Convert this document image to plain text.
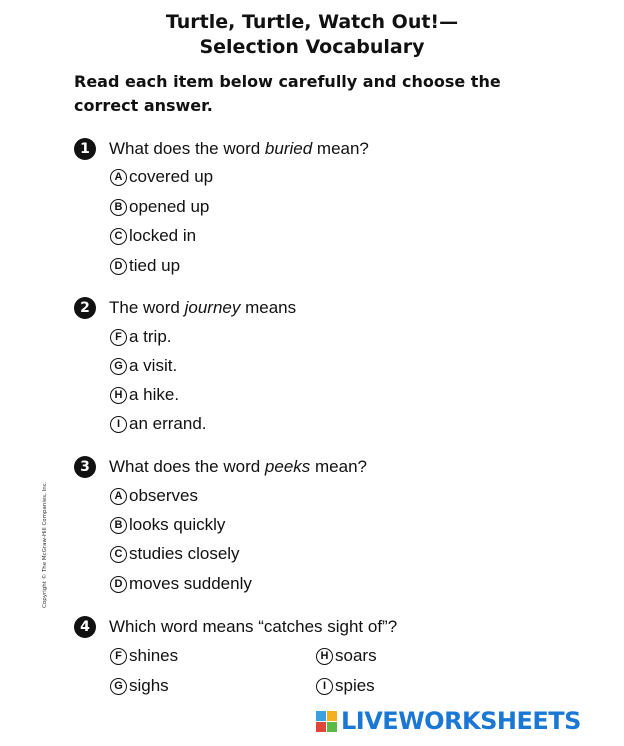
Turtle, Turtle, Watch Out!—
Selection Vocabulary
Read each item below carefully and choose the correct answer.
Copyright © The McGraw-Hill Companies, Inc.
1	What does the word buried mean?
A covered up
B opened up
C locked in
D tied up
2	The word journey means
F a trip.
G a visit.
H a hike.
I an errand.
3	What does the word peeks mean?
A observes
B looks quickly
C studies closely
D moves suddenly
4	Which word means “catches sight of”?
F shines
G sighs
H soars
I spies
LIVEWORKSHEETS
